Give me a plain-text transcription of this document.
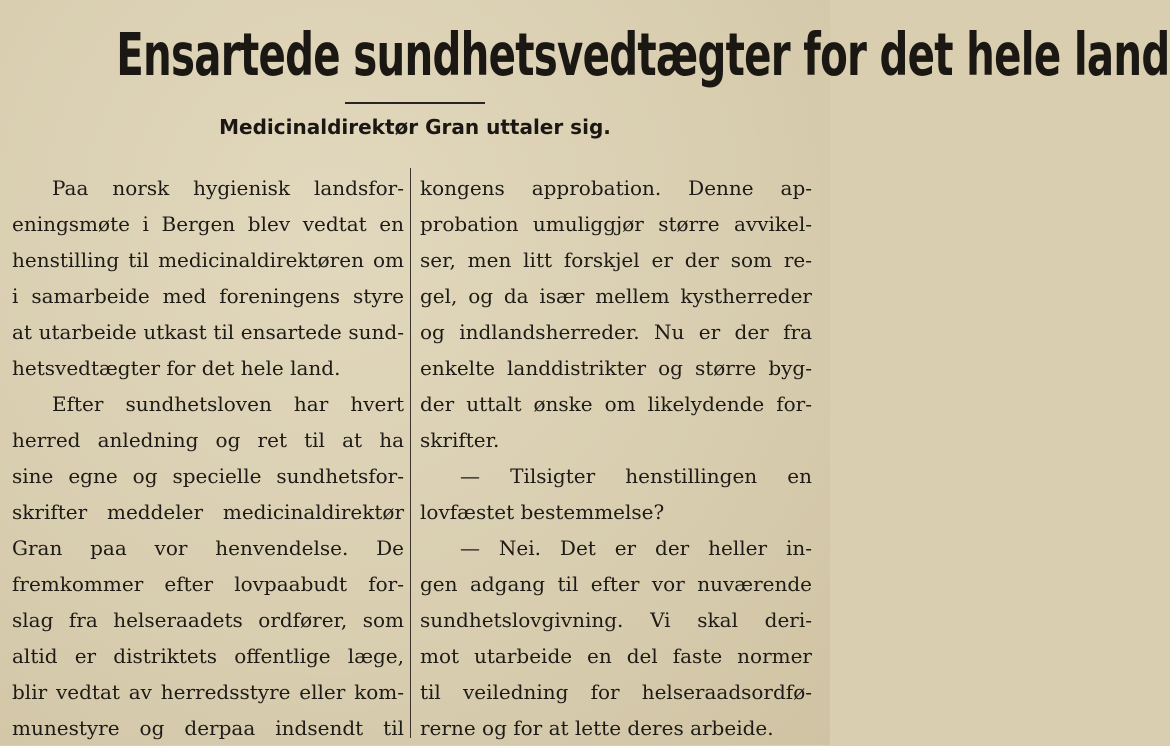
Ensartede sundhetsvedtægter for det hele land
Medicinaldirektør Gran uttaler sig.
Paa norsk hygienisk landsfor-
eningsmøte i Bergen blev vedtat en
henstilling til medicinaldirektøren om
i samarbeide med foreningens styre
at utarbeide utkast til ensartede sund-
hetsvedtægter for det hele land.
Efter sundhetsloven har hvert
herred anledning og ret til at ha
sine egne og specielle sundhetsfor-
skrifter meddeler medicinaldirektør
Gran paa vor henvendelse. De
fremkommer efter lovpaabudt for-
slag fra helseraadets ordfører, som
altid er distriktets offentlige læge,
blir vedtat av herredsstyre eller kom-
munestyre og derpaa indsendt til
kongens approbation. Denne ap-
probation umuliggjør større avvikel-
ser, men litt forskjel er der som re-
gel, og da især mellem kystherreder
og indlandsherreder. Nu er der fra
enkelte landdistrikter og større byg-
der uttalt ønske om likelydende for-
skrifter.
— Tilsigter henstillingen en
lovfæstet bestemmelse?
— Nei. Det er der heller in-
gen adgang til efter vor nuværende
sundhetslovgivning. Vi skal deri-
mot utarbeide en del faste normer
til veiledning for helseraadsordfø-
rerne og for at lette deres arbeide.
